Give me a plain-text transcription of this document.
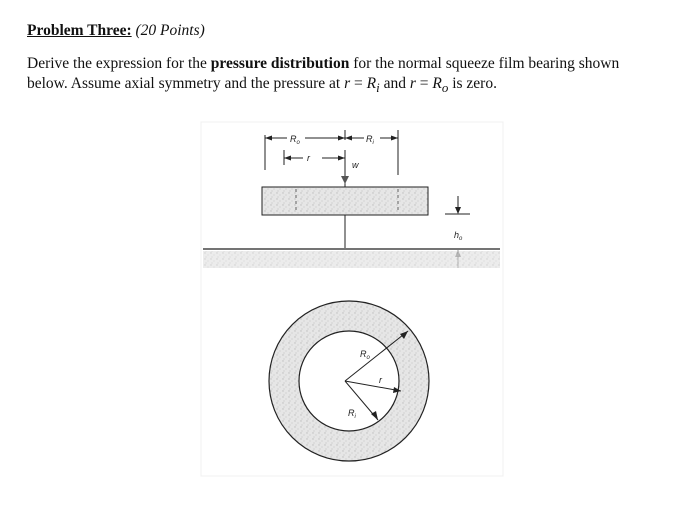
Problem Three: (20 Points)
Derive the expression for the pressure distribution for the normal squeeze film bearing shown
below. Assume axial symmetry and the pressure at $r = R_i$ and $r = R_o$ is zero.
$R_o$	$R_i$
r
w
$h_o$
$R_o$
r
$R_i$
